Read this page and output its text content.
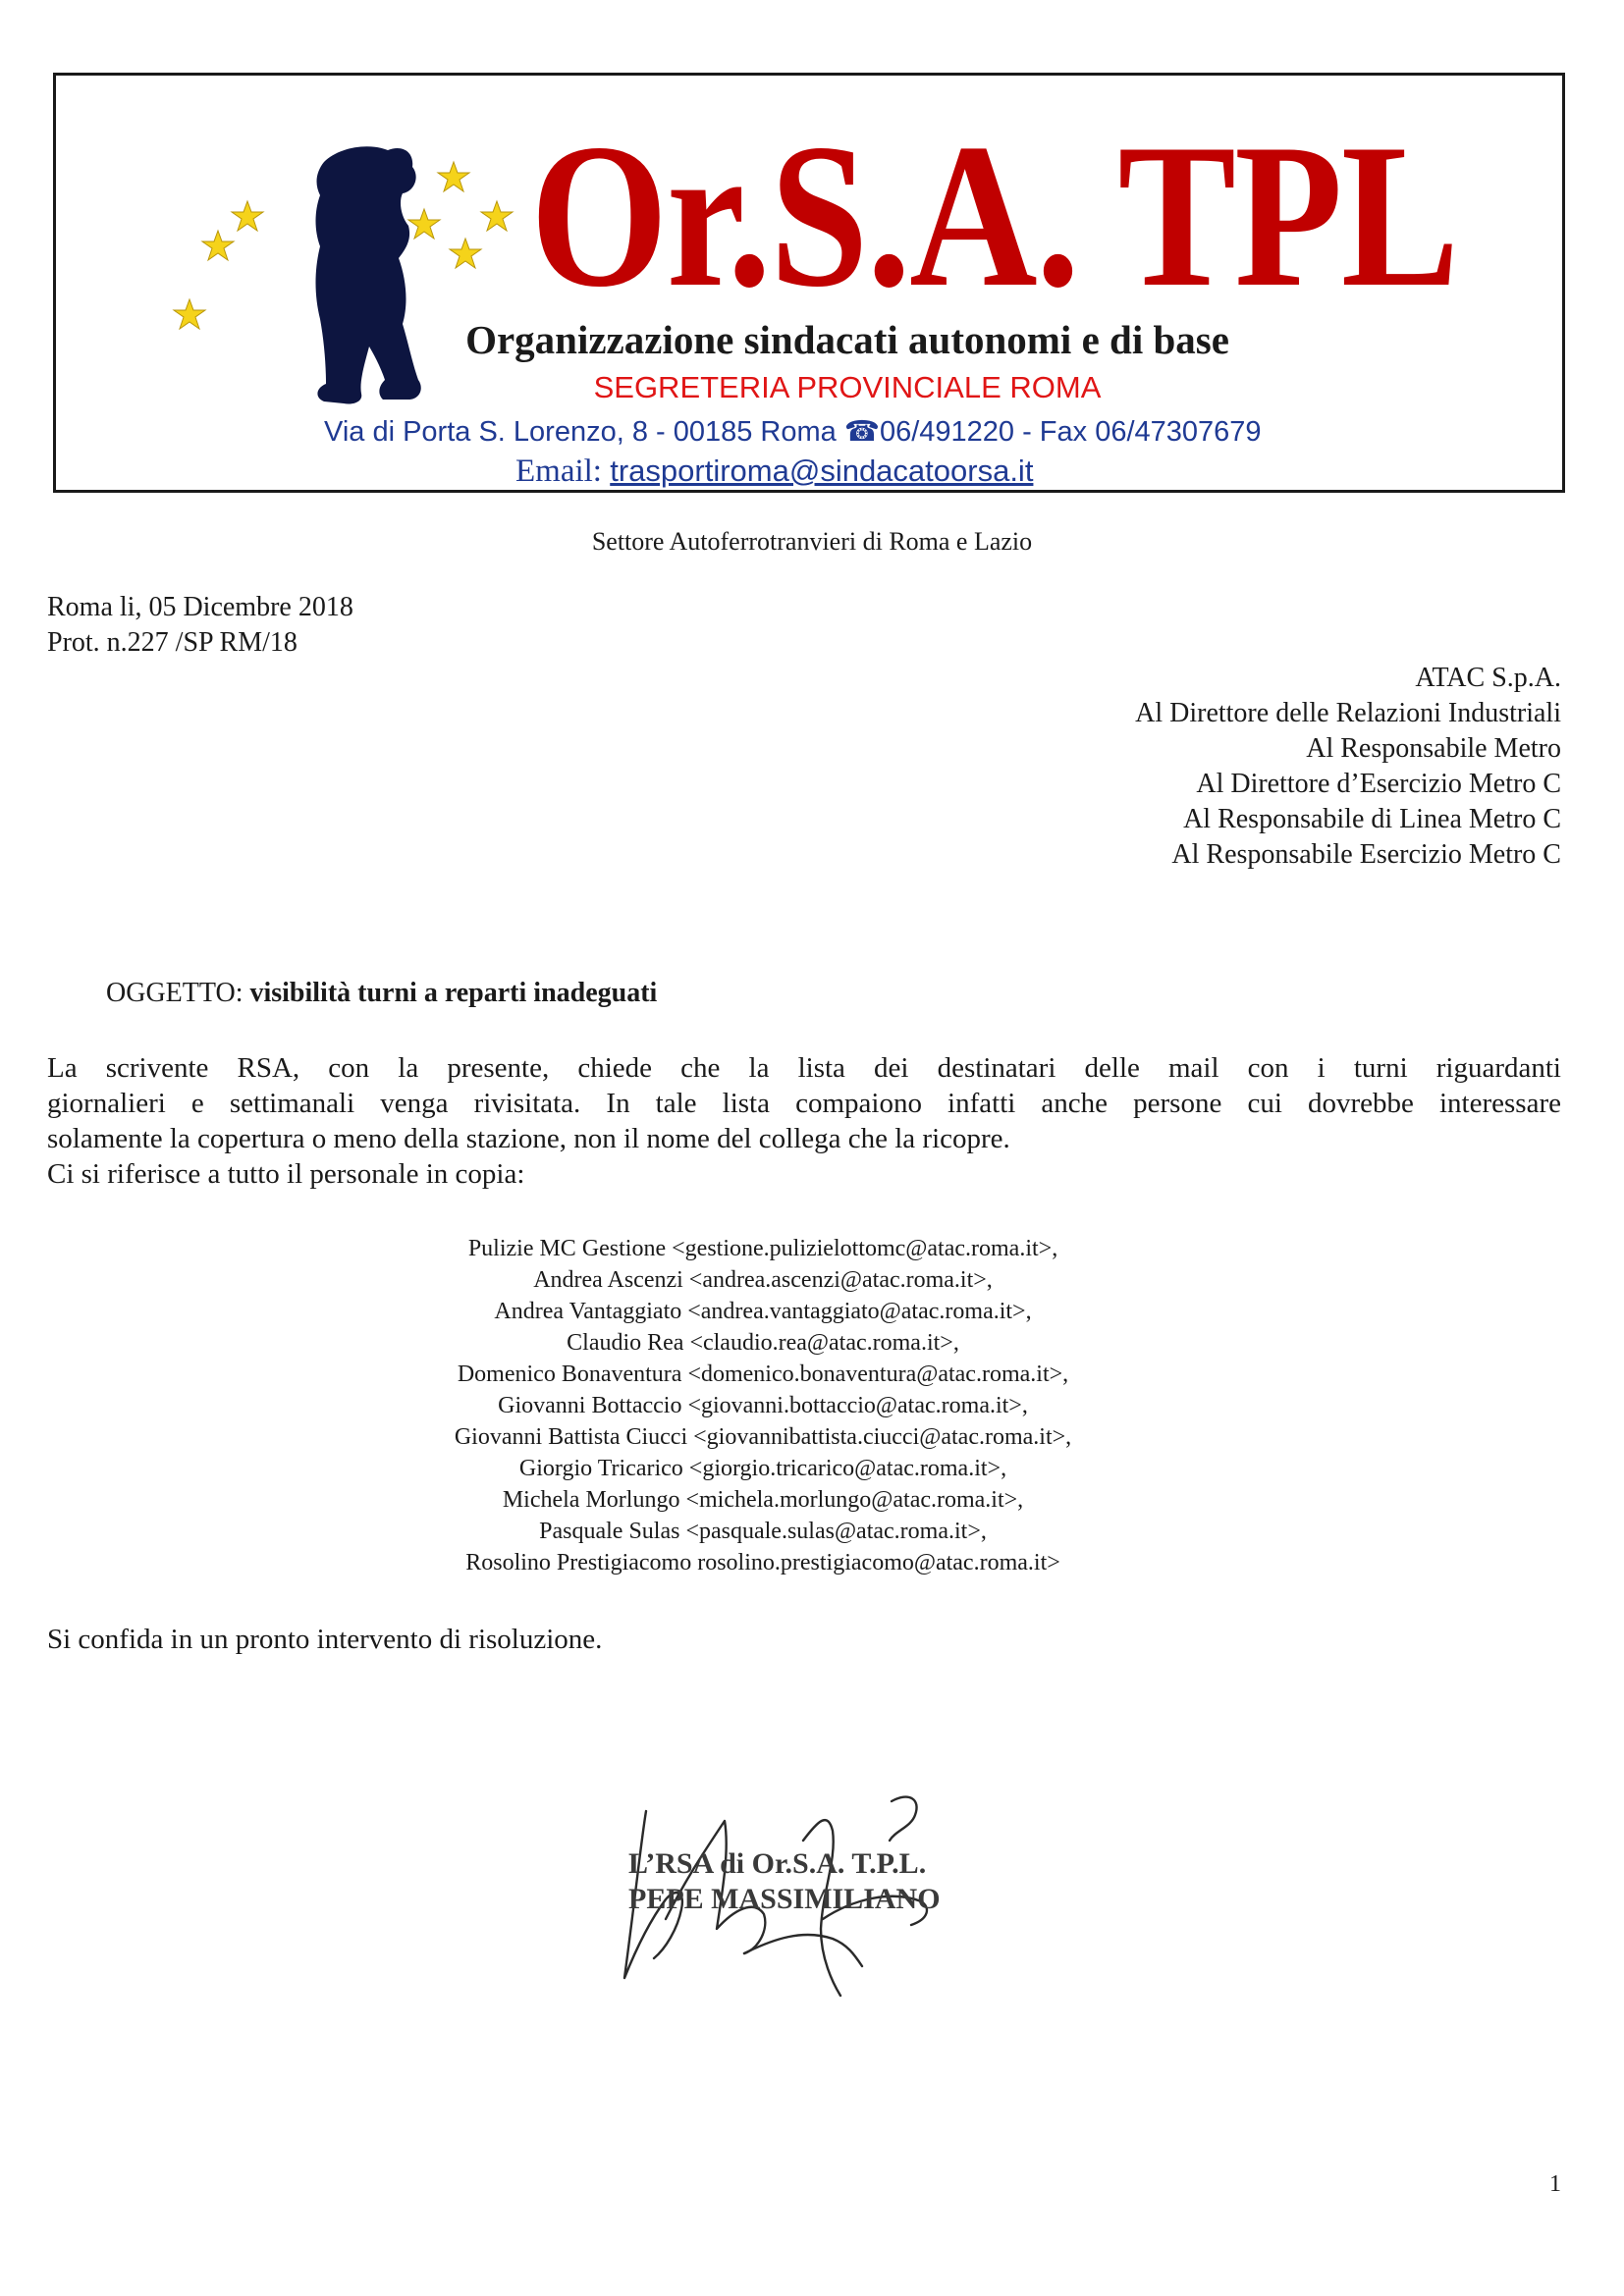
Or.S.A. TPL
Organizzazione sindacati autonomi e di base
SEGRETERIA PROVINCIALE ROMA
Via di Porta S. Lorenzo, 8 - 00185 Roma ☎06/491220 - Fax 06/47307679
Email: trasportiroma@sindacatoorsa.it
Settore Autoferrotranvieri di Roma e Lazio
Roma li, 05 Dicembre 2018
Prot. n.227 /SP RM/18
ATAC S.p.A.
Al Direttore delle Relazioni Industriali
Al Responsabile Metro
Al Direttore d’Esercizio Metro C
Al Responsabile di Linea Metro C
Al Responsabile Esercizio Metro C
OGGETTO: visibilità turni a reparti inadeguati
La scrivente RSA, con la presente, chiede che la lista dei destinatari delle mail con i turni riguardanti
giornalieri e settimanali venga rivisitata. In tale lista compaiono infatti anche persone cui dovrebbe interessare
solamente la copertura o meno della stazione, non il nome del collega che la ricopre.
Ci si riferisce a tutto il personale in copia:
Pulizie MC Gestione <gestione.pulizielottomc@atac.roma.it>,
Andrea Ascenzi <andrea.ascenzi@atac.roma.it>,
Andrea Vantaggiato <andrea.vantaggiato@atac.roma.it>,
Claudio Rea <claudio.rea@atac.roma.it>,
Domenico Bonaventura <domenico.bonaventura@atac.roma.it>,
Giovanni Bottaccio <giovanni.bottaccio@atac.roma.it>,
Giovanni Battista Ciucci <giovannibattista.ciucci@atac.roma.it>,
Giorgio Tricarico <giorgio.tricarico@atac.roma.it>,
Michela Morlungo <michela.morlungo@atac.roma.it>,
Pasquale Sulas <pasquale.sulas@atac.roma.it>,
Rosolino Prestigiacomo rosolino.prestigiacomo@atac.roma.it>
Si confida in un pronto intervento di risoluzione.
L’RSA di Or.S.A. T.P.L.
PEPE MASSIMILIANO
1
